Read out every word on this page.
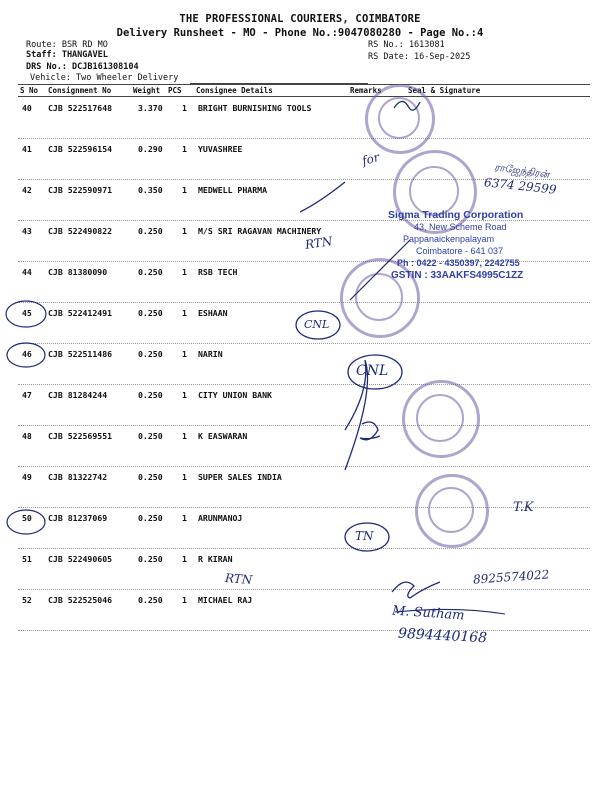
THE PROFESSIONAL COURIERS, COIMBATORE
Delivery Runsheet - MO - Phone No.:9047080280 - Page No.:4
Route: BSR RD MO
Staff: THANGAVEL
DRS No.: DCJB161308104
Vehicle: Two Wheeler Delivery
RS No.: 1613081
RS Date: 16-Sep-2025
S No Consignment No	Weight PCS Consignee Details	Remarks	Seal & Signature
40 CJB 522517648	3.370 1 BRIGHT BURNISHING TOOLS
41 CJB 522596154	0.290 1 YUVASHREE
42 CJB 522590971	0.350 1 MEDWELL PHARMA
43 CJB 522490822	0.250 1 M/S SRI RAGAVAN MACHINERY
44 CJB 81380090	0.250 1 RSB TECH
45 CJB 522412491	0.250 1 ESHAAN
46 CJB 522511486	0.250 1 NARIN
47 CJB 81284244	0.250 1 CITY UNION BANK
48 CJB 522569551	0.250 1 K EASWARAN
49 CJB 81322742	0.250 1 SUPER SALES INDIA
50 CJB 81237069	0.250 1 ARUNMANOJ
51 CJB 522490605	0.250 1 R KIRAN
52 CJB 522525046	0.250 1 MICHAEL RAJ
Sigma Trading Corporation
43, New Scheme Road
Pappanaickenpalayam
Coimbatore - 641 037
Ph : 0422 - 4350397, 2242755
GSTIN : 33AAKFS4995C1ZZ
RTN
CNL
CNL
TN
RTN
for
ராஜேந்திரன்
6374 29599
T.K
8925574022
M. Sutham
9894440168
